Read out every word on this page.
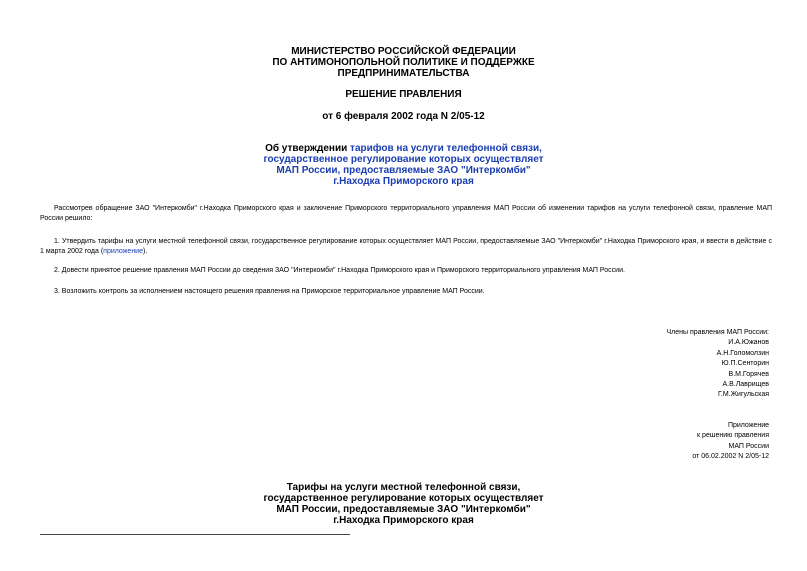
МИНИСТЕРСТВО РОССИЙСКОЙ ФЕДЕРАЦИИ
ПО АНТИМОНОПОЛЬНОЙ ПОЛИТИКЕ И ПОДДЕРЖКЕ
ПРЕДПРИНИМАТЕЛЬСТВА
РЕШЕНИЕ ПРАВЛЕНИЯ
от 6 февраля 2002 года N 2/05-12
Об утверждении тарифов на услуги телефонной связи,
государственное регулирование которых осуществляет
МАП России, предоставляемые ЗАО "Интеркомби"
г.Находка Приморского края
Рассмотрев обращение ЗАО "Интеркомби" г.Находка Приморского края и заключение Приморского территориального управления МАП России об изменении тарифов на услуги телефонной связи, правление МАП России решило:
1. Утвердить тарифы на услуги местной телефонной связи, государственное регулирование которых осуществляет МАП России, предоставляемые ЗАО "Интеркомби" г.Находка Приморского края, и ввести в действие с 1 марта 2002 года (приложение).
2. Довести принятое решение правления МАП России до сведения ЗАО "Интеркомби" г.Находка Приморского края и Приморского территориального управления МАП России.
3. Возложить контроль за исполнением настоящего решения правления на Приморское территориальное управление МАП России.
Члены правления МАП России:
И.А.Южанов
А.Н.Голомолзин
Ю.П.Сенторин
В.М.Горячев
А.В.Лаврищев
Г.М.Жигульская
Приложение
к решению правления
МАП России
от 06.02.2002 N 2/05-12
Тарифы на услуги местной телефонной связи,
государственное регулирование которых осуществляет
МАП России, предоставляемые ЗАО "Интеркомби"
г.Находка Приморского края
